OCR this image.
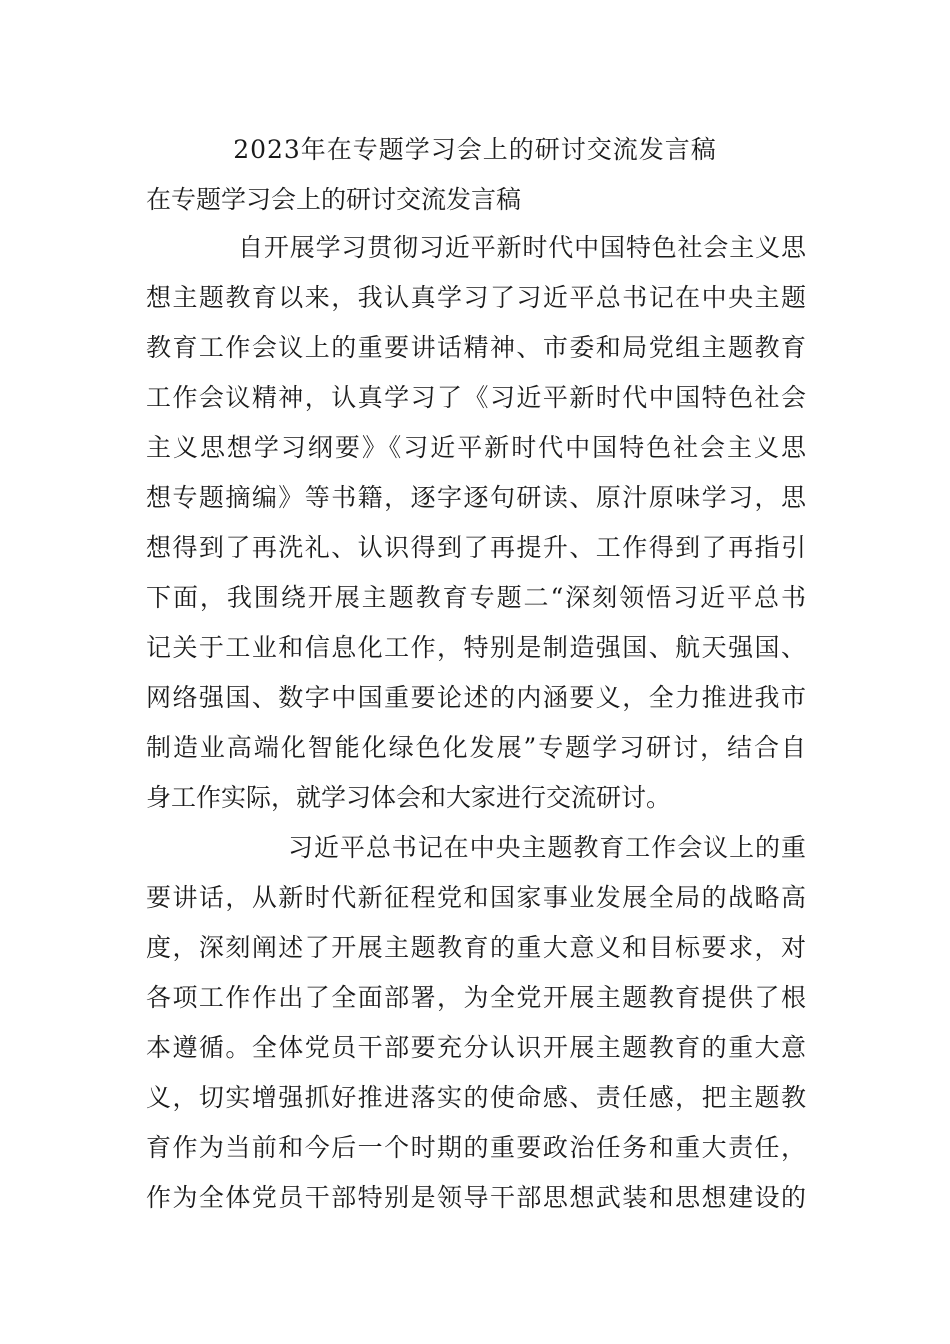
2023年在专题学习会上的研讨交流发言稿
在专题学习会上的研讨交流发言稿
自开展学习贯彻习近平新时代中国特色社会主义思
想主题教育以来，我认真学习了习近平总书记在中央主题
教育工作会议上的重要讲话精神、市委和局党组主题教育
工作会议精神，认真学习了《习近平新时代中国特色社会
主义思想学习纲要》《习近平新时代中国特色社会主义思
想专题摘编》等书籍，逐字逐句研读、原汁原味学习，思
想得到了再洗礼、认识得到了再提升、工作得到了再指引
下面，我围绕开展主题教育专题二“深刻领悟习近平总书
记关于工业和信息化工作，特别是制造强国、航天强国、
网络强国、数字中国重要论述的内涵要义，全力推进我市
制造业高端化智能化绿色化发展”专题学习研讨，结合自
身工作实际，就学习体会和大家进行交流研讨。
习近平总书记在中央主题教育工作会议上的重
要讲话，从新时代新征程党和国家事业发展全局的战略高
度，深刻阐述了开展主题教育的重大意义和目标要求，对
各项工作作出了全面部署，为全党开展主题教育提供了根
本遵循。全体党员干部要充分认识开展主题教育的重大意
义，切实增强抓好推进落实的使命感、责任感，把主题教
育作为当前和今后一个时期的重要政治任务和重大责任，
作为全体党员干部特别是领导干部思想武装和思想建设的
